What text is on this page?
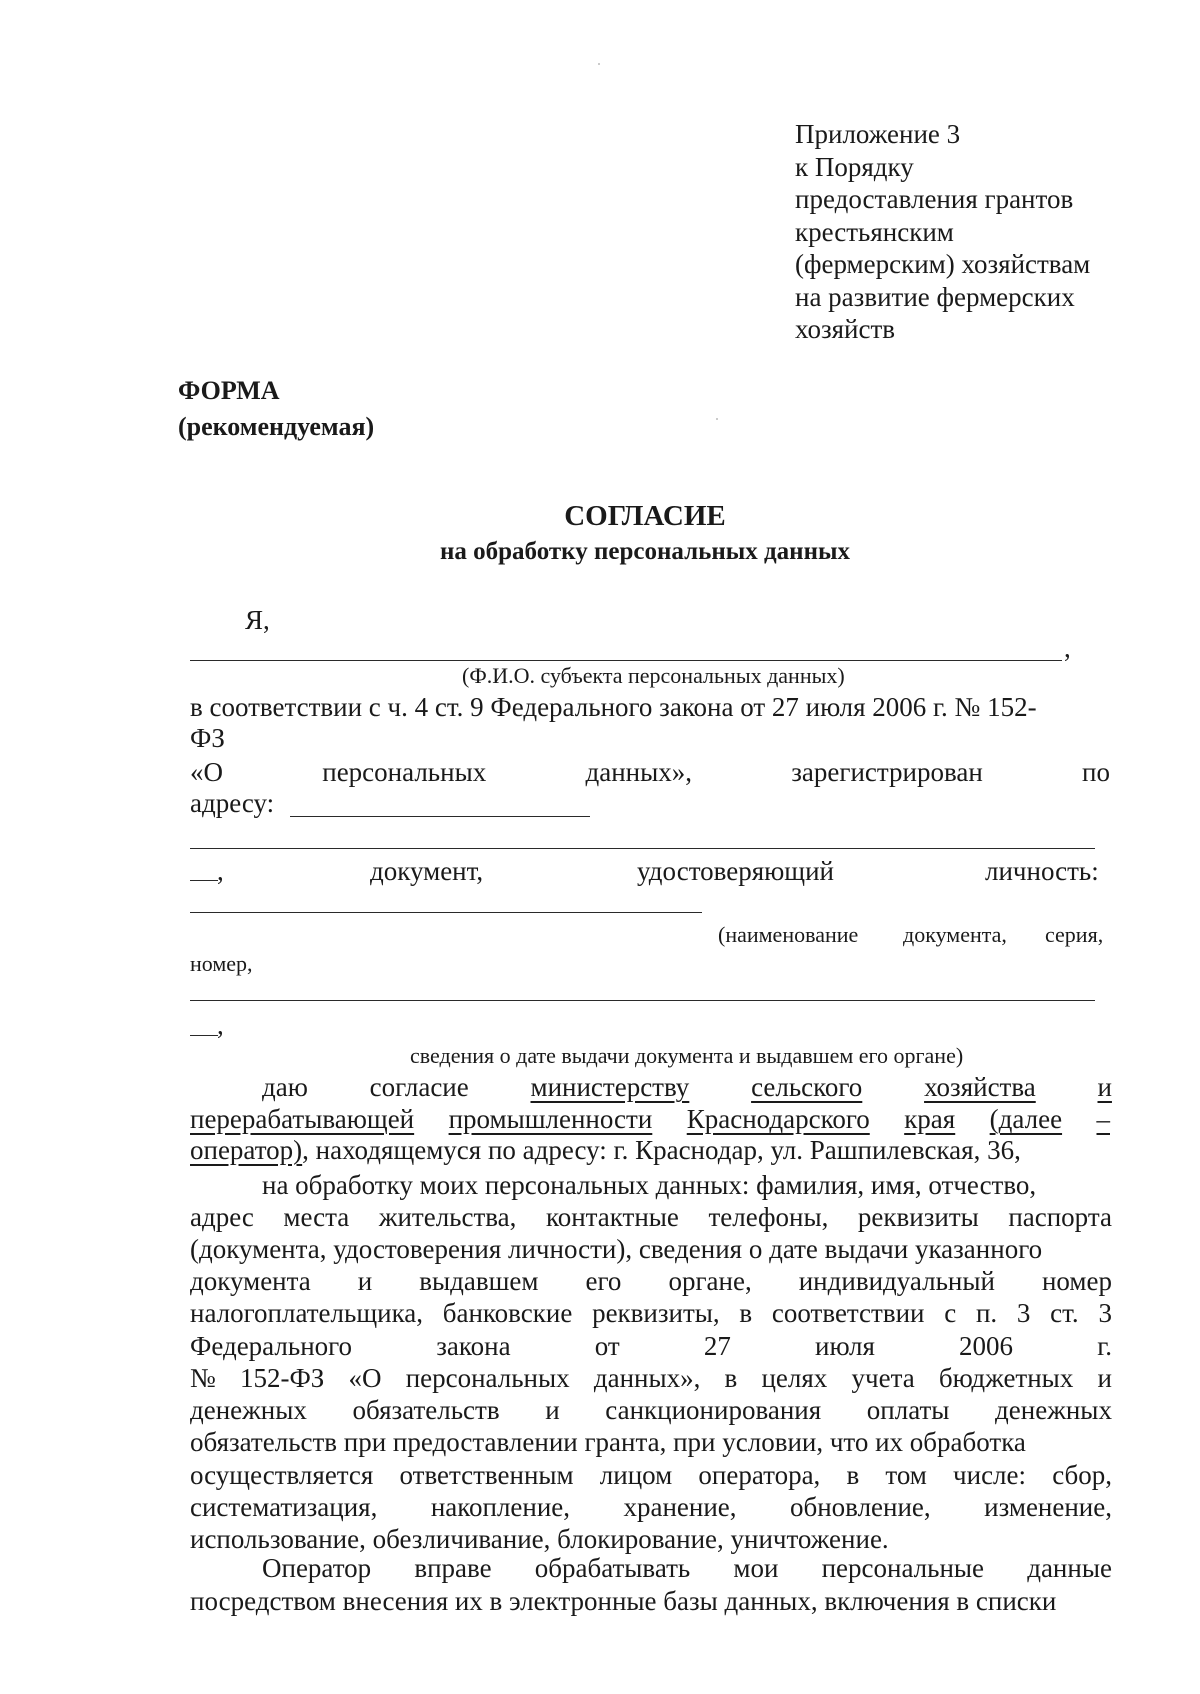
Приложение 3
к Порядку
предоставления грантов
крестьянским
(фермерским) хозяйствам
на развитие фермерских
хозяйств
ФОРМА
(рекомендуемая)
СОГЛАСИЕ
на обработку персональных данных
Я,
,
(Ф.И.О. субъекта персональных данных)
в соответствии с ч. 4 ст. 9 Федерального закона от 27 июля 2006 г. № 152-
ФЗ
«О	персональных	данных»,	зарегистрирован	по
адресу:
,	документ,	удостоверяющий	личность:
(наименование документа, серия,
номер,
,
сведения о дате выдачи документа и выдавшем его органе)
даю согласие министерству сельского хозяйства и
перерабатывающей промышленности Краснодарского края (далее –
оператор), находящемуся по адресу: г. Краснодар, ул. Рашпилевская, 36,
на обработку моих персональных данных: фамилия, имя, отчество,
адрес места жительства, контактные телефоны, реквизиты паспорта
(документа, удостоверения личности), сведения о дате выдачи указанного
документа и выдавшем его органе, индивидуальный номер
налогоплательщика, банковские реквизиты, в соответствии с п. 3 ст. 3
Федерального	закона	от	27	июля	2006	г.
№ 152-ФЗ «О персональных данных», в целях учета бюджетных и
денежных обязательств и санкционирования оплаты денежных
обязательств при предоставлении гранта, при условии, что их обработка
осуществляется ответственным лицом оператора, в том числе: сбор,
систематизация, накопление, хранение, обновление, изменение,
использование, обезличивание, блокирование, уничтожение.
Оператор вправе обрабатывать мои персональные данные
посредством внесения их в электронные базы данных, включения в списки
